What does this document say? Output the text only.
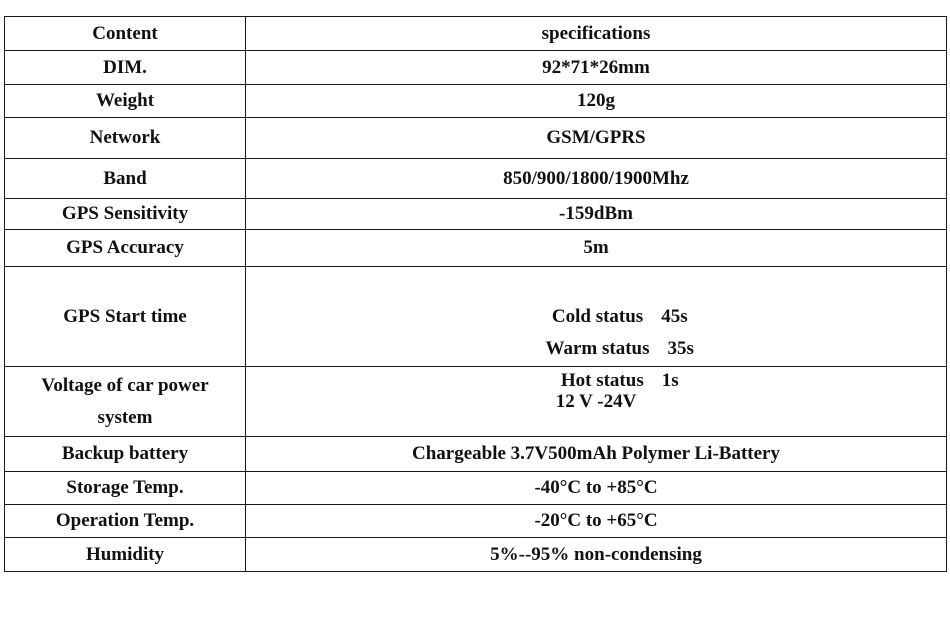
Content	specifications
DIM.	92*71*26mm
Weight	120g
Network	GSM/GPRS
Band	850/900/1800/1900Mhz
GPS Sensitivity	-159dBm
GPS Accuracy	5m
GPS Start time	Cold status 45s

Warm status 35s

Hot status 1s

Voltage of car power
system	12 V -24V

Backup battery	Chargeable 3.7V500mAh Polymer Li-Battery
Storage Temp.	-40°C to +85°C
Operation Temp.	-20°C to +65°C
Humidity	5%--95% non-condensing
